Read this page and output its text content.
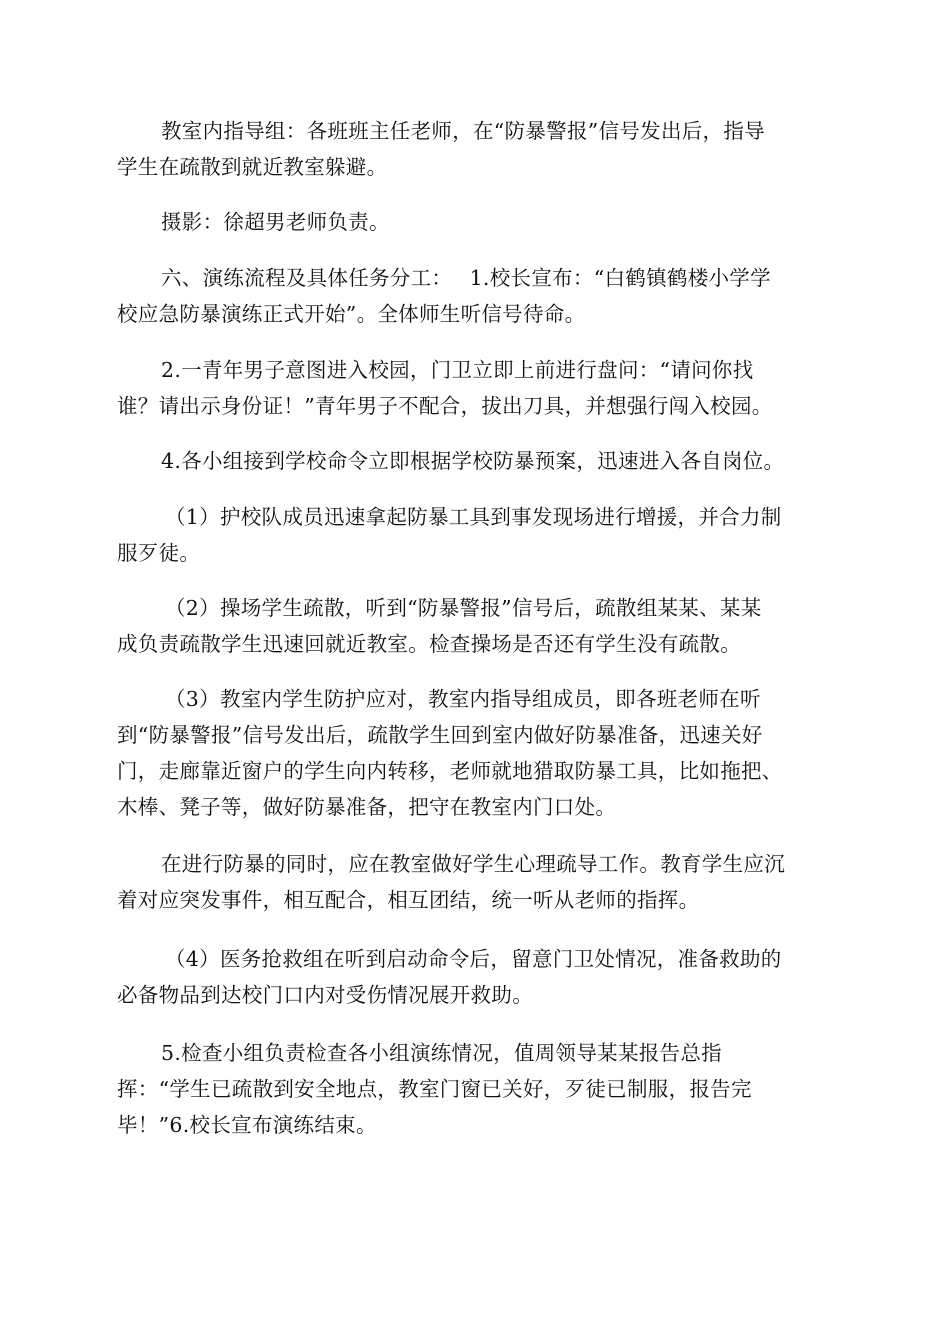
教室内指导组：各班班主任老师，在“防暴警报”信号发出后，指导
学生在疏散到就近教室躲避。
摄影：徐超男老师负责。
六、演练流程及具体任务分工：　 1.校长宣布：“白鹤镇鹤楼小学学
校应急防暴演练正式开始”。全体师生听信号待命。
2.一青年男子意图进入校园，门卫立即上前进行盘问：“请问你找
谁？请出示身份证！”青年男子不配合，拔出刀具，并想强行闯入校园。
4.各小组接到学校命令立即根据学校防暴预案，迅速进入各自岗位。
（1）护校队成员迅速拿起防暴工具到事发现场进行增援，并合力制
服歹徒。
（2）操场学生疏散，听到“防暴警报”信号后，疏散组某某、某某
成负责疏散学生迅速回就近教室。检查操场是否还有学生没有疏散。
（3）教室内学生防护应对，教室内指导组成员，即各班老师在听
到“防暴警报”信号发出后，疏散学生回到室内做好防暴准备，迅速关好
门，走廊靠近窗户的学生向内转移，老师就地猎取防暴工具，比如拖把、
木棒、凳子等，做好防暴准备，把守在教室内门口处。
在进行防暴的同时，应在教室做好学生心理疏导工作。教育学生应沉
着对应突发事件，相互配合，相互团结，统一听从老师的指挥。
（4）医务抢救组在听到启动命令后，留意门卫处情况，准备救助的
必备物品到达校门口内对受伤情况展开救助。
5.检查小组负责检查各小组演练情况，值周领导某某报告总指
挥：“学生已疏散到安全地点，教室门窗已关好，歹徒已制服，报告完
毕！”6.校长宣布演练结束。
